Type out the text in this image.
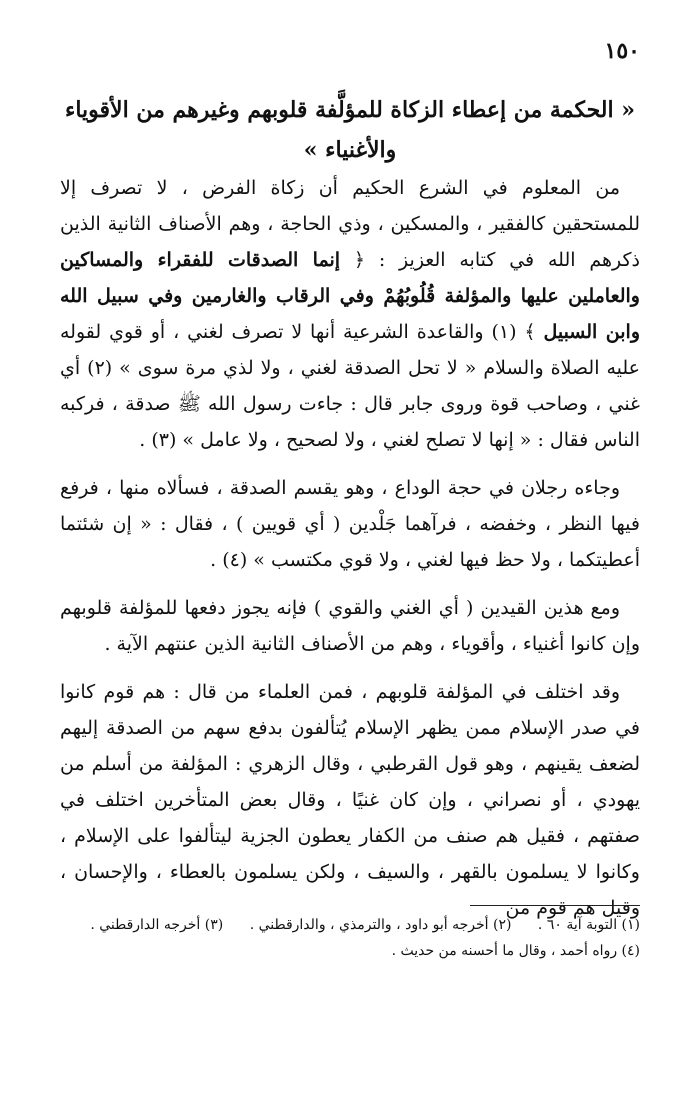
١٥٠
« الحكمة من إعطاء الزكاة للمؤلَّفة قلوبهم وغيرهم من الأقوياء والأغنياء »

من المعلوم في الشرع الحكيم أن زكاة الفرض ، لا تصرف إلا للمستحقين كالفقير ، والمسكين ، وذي الحاجة ، وهم الأصناف الثانية الذين ذكرهم الله في كتابه العزيز : ﴿ إنما الصدقات للفقراء والمساكين والعاملين عليها والمؤلفة قُلُوبُهُمْ وفي الرقاب والغارمين وفي سبيل الله وابن السبيل ﴾ (١) والقاعدة الشرعية أنها لا تصرف لغني ، أو قوي لقوله عليه الصلاة والسلام « لا تحل الصدقة لغني ، ولا لذي مرة سوى » (٢) أي غني ، وصاحب قوة وروى جابر قال : جاءت رسول الله ﷺ صدقة ، فركبه الناس فقال : « إنها لا تصلح لغني ، ولا لصحيح ، ولا عامل » (٣) .

وجاءه رجلان في حجة الوداع ، وهو يقسم الصدقة ، فسألاه منها ، فرفع فيها النظر ، وخفضه ، فرآهما جَلْدين ( أي قويين ) ، فقال : « إن شئتما أعطيتكما ، ولا حظ فيها لغني ، ولا قوي مكتسب » (٤) .

ومع هذين القيدين ( أي الغني والقوي ) فإنه يجوز دفعها للمؤلفة قلوبهم وإن كانوا أغنياء ، وأقوياء ، وهم من الأصناف الثانية الذين عنتهم الآية .

وقد اختلف في المؤلفة قلوبهم ، فمن العلماء من قال : هم قوم كانوا في صدر الإسلام ممن يظهر الإسلام يُتألفون بدفع سهم من الصدقة إليهم لضعف يقينهم ، وهو قول القرطبي ، وقال الزهري : المؤلفة من أسلم من يهودي ، أو نصراني ، وإن كان غنيًا ، وقال بعض المتأخرين اختلف في صفتهم ، فقيل هم صنف من الكفار يعطون الجزية ليتألفوا على الإسلام ، وكانوا لا يسلمون بالقهر ، والسيف ، ولكن يسلمون بالعطاء ، والإحسان ، وقيل هم قوم من

(١) التوبة آية ٦٠ . (٢) أخرجه أبو داود ، والترمذي ، والدارقطني . (٣) أخرجه الدارقطني .
(٤) رواه أحمد ، وقال ما أحسنه من حديث .
